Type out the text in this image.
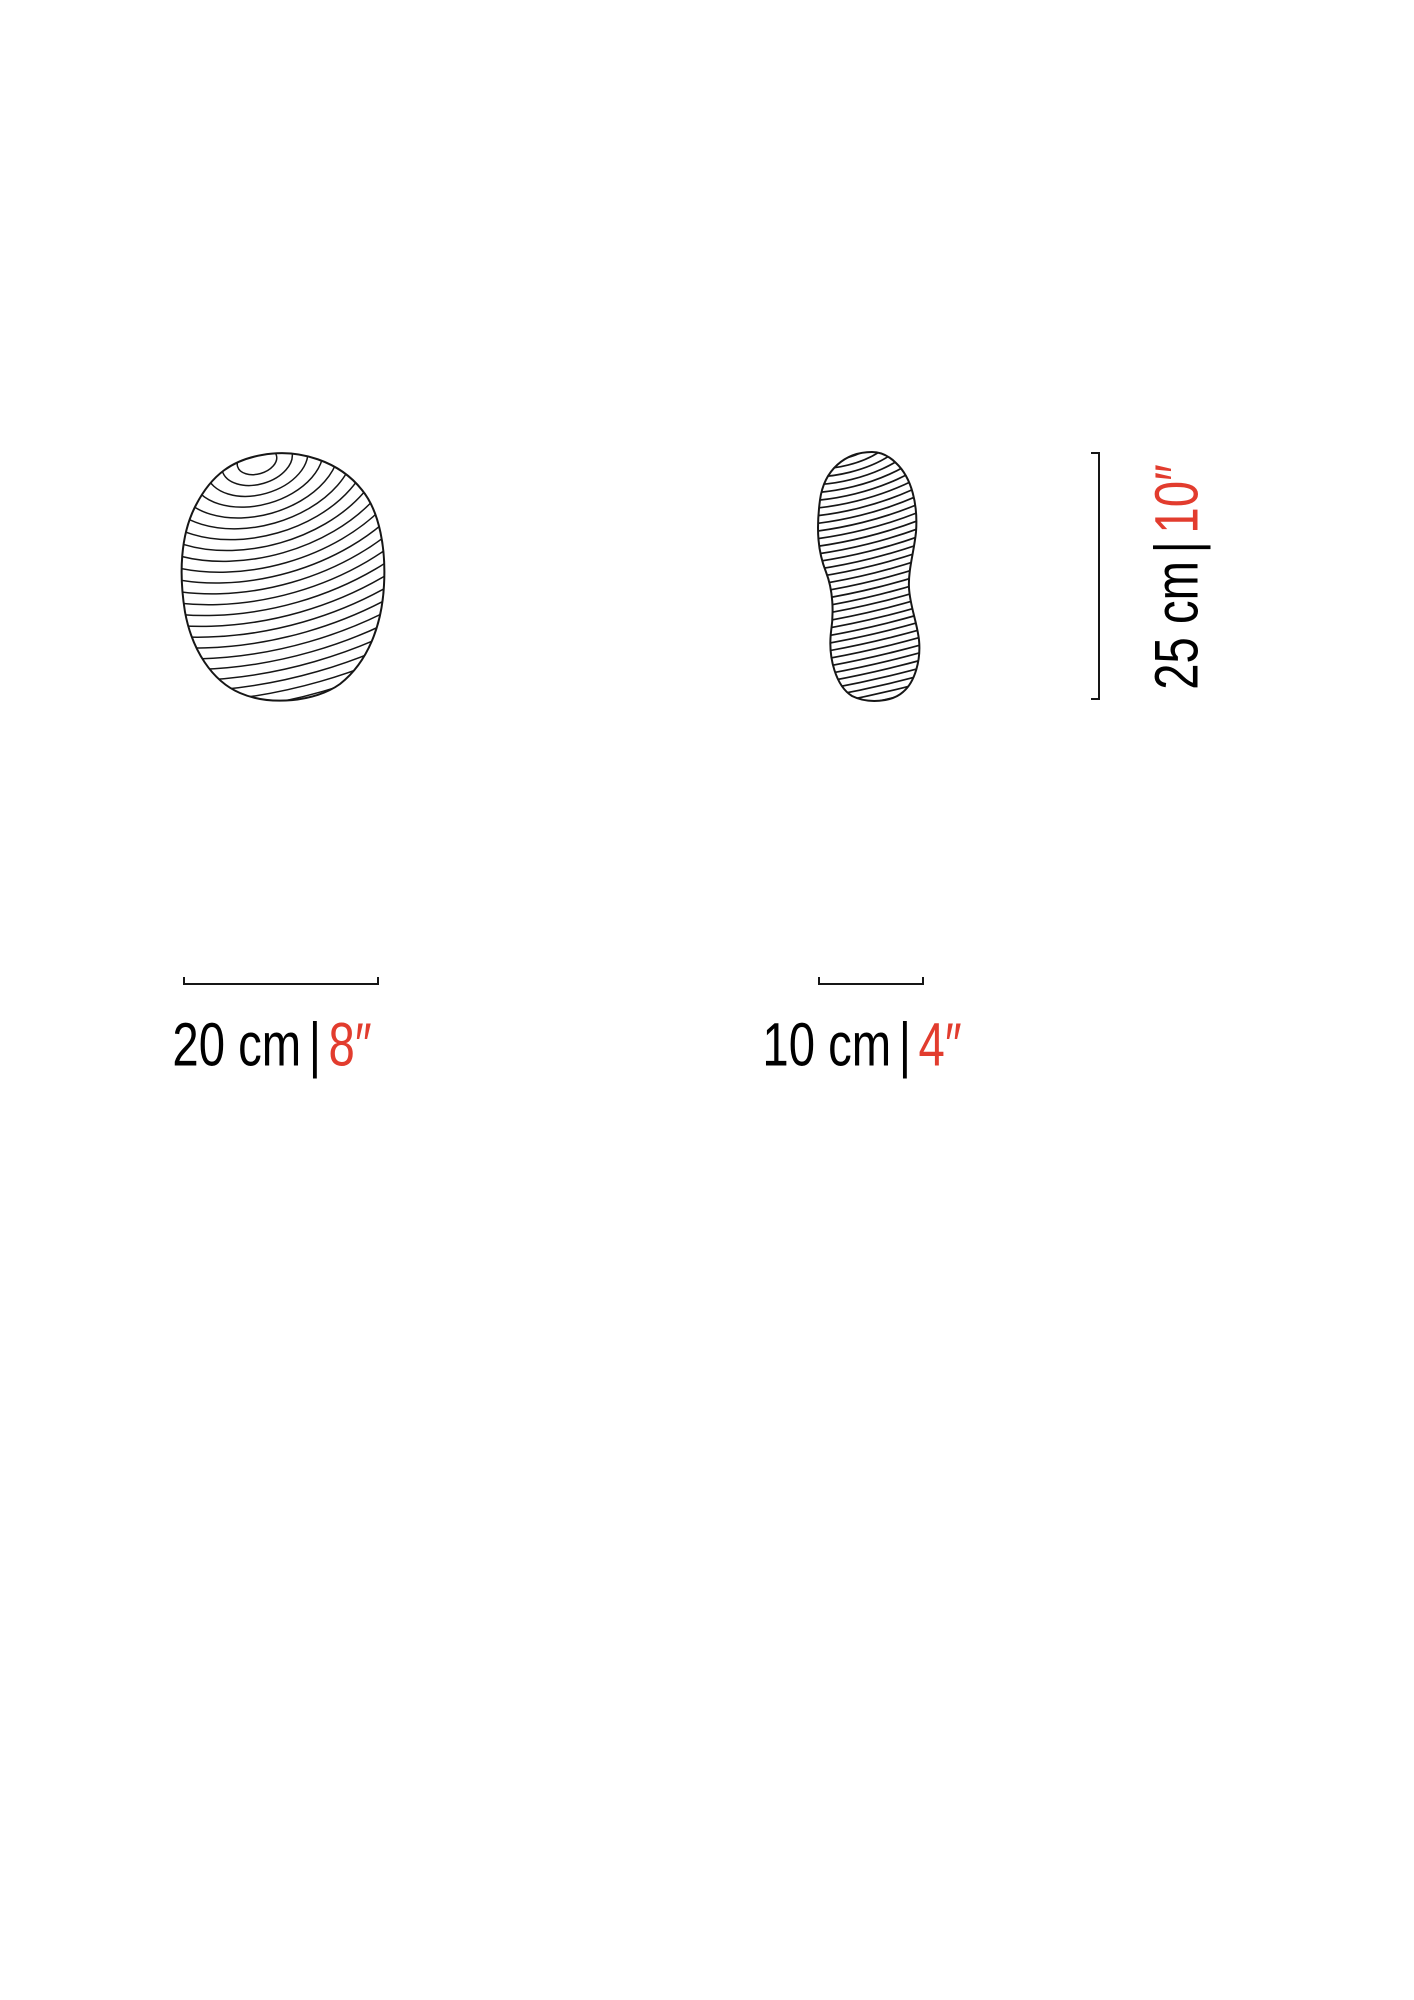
20 cm | 8″	10 cm | 4″
25 cm|10″
